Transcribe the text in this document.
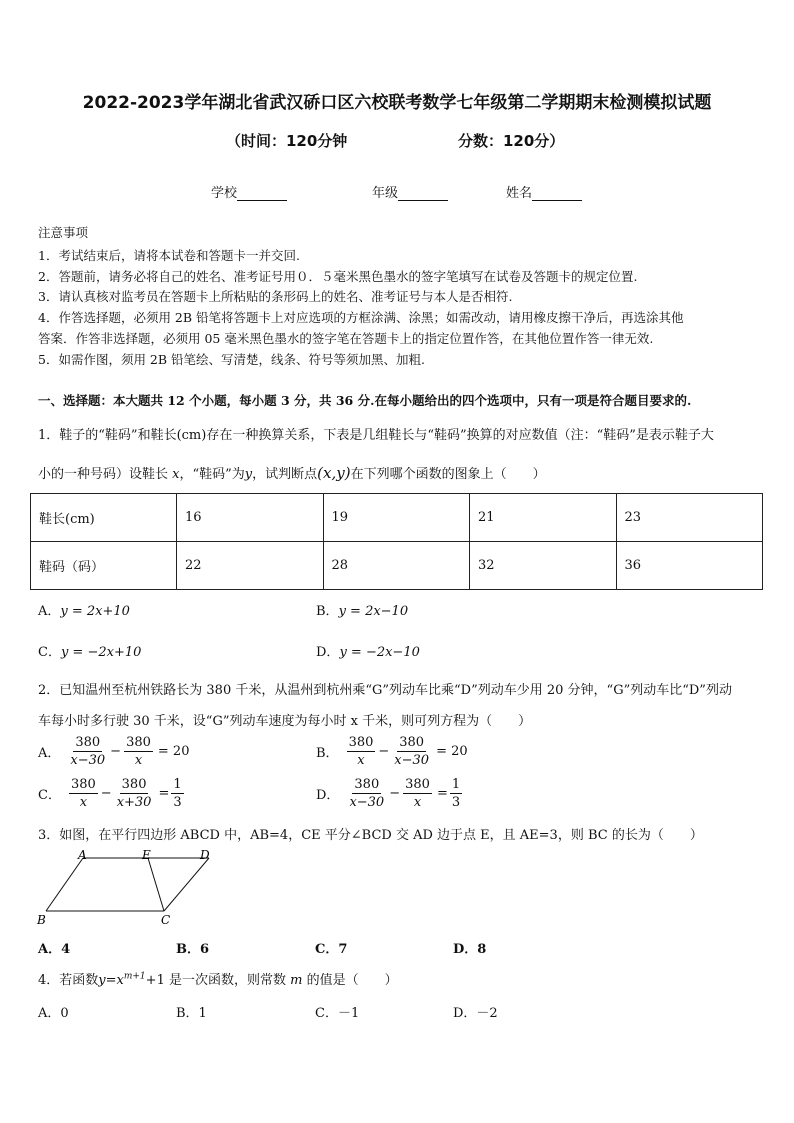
2022-2023学年湖北省武汉硚口区六校联考数学七年级第二学期期末检测模拟试题
（时间：120分钟	分数：120分）
学校	年级	姓名
注意事项
1．考试结束后，请将本试卷和答题卡一并交回.
2．答题前，请务必将自己的姓名、准考证号用０．５毫米黑色墨水的签字笔填写在试卷及答题卡的规定位置.
3．请认真核对监考员在答题卡上所粘贴的条形码上的姓名、准考证号与本人是否相符.
4．作答选择题，必须用 2B 铅笔将答题卡上对应选项的方框涂满、涂黑；如需改动，请用橡皮擦干净后，再选涂其他
答案．作答非选择题，必须用 05 毫米黑色墨水的签字笔在答题卡上的指定位置作答，在其他位置作答一律无效.
5．如需作图，须用 2B 铅笔绘、写清楚，线条、符号等须加黑、加粗.
一、选择题：本大题共 12 个小题，每小题 3 分，共 36 分.在每小题给出的四个选项中，只有一项是符合题目要求的.
1．鞋子的“鞋码”和鞋长(cm)存在一种换算关系，下表是几组鞋长与“鞋码”换算的对应数值（注：“鞋码”是表示鞋子大
小的一种号码）设鞋长 x，“鞋码”为y，试判断点(x,y)在下列哪个函数的图象上（　　）
鞋长(cm)	16	19	21	23
鞋码（码）	22	28	32	36
A．y = 2x+10	B．y = 2x−10
C．y = −2x+10	D．y = −2x−10
2．已知温州至杭州铁路长为 380 千米，从温州到杭州乘“G”列动车比乘“D”列动车少用 20 分钟，“G”列动车比“D”列动
车每小时多行驶 30 千米，设“G”列动车速度为每小时 x 千米，则可列方程为（　　）
A． $\frac{380}{x-30} - \frac{380}{x} = 20$	B． $\frac{380}{x} - \frac{380}{x-30} = 20$
C． $\frac{380}{x} - \frac{380}{x+30} = \frac{1}{3}$	D． $\frac{380}{x-30} - \frac{380}{x} = \frac{1}{3}$
3．如图，在平行四边形 ABCD 中，AB=4，CE 平分∠BCD 交 AD 边于点 E，且 AE=3，则 BC 的长为（　　）
A	E	D
B	C
A．4	B．6	C．7	D．8
4．若函数$y=x^{m+1}+1$ 是一次函数，则常数 m 的值是（　　）
A．0	B．1	C．－1	D．－2
